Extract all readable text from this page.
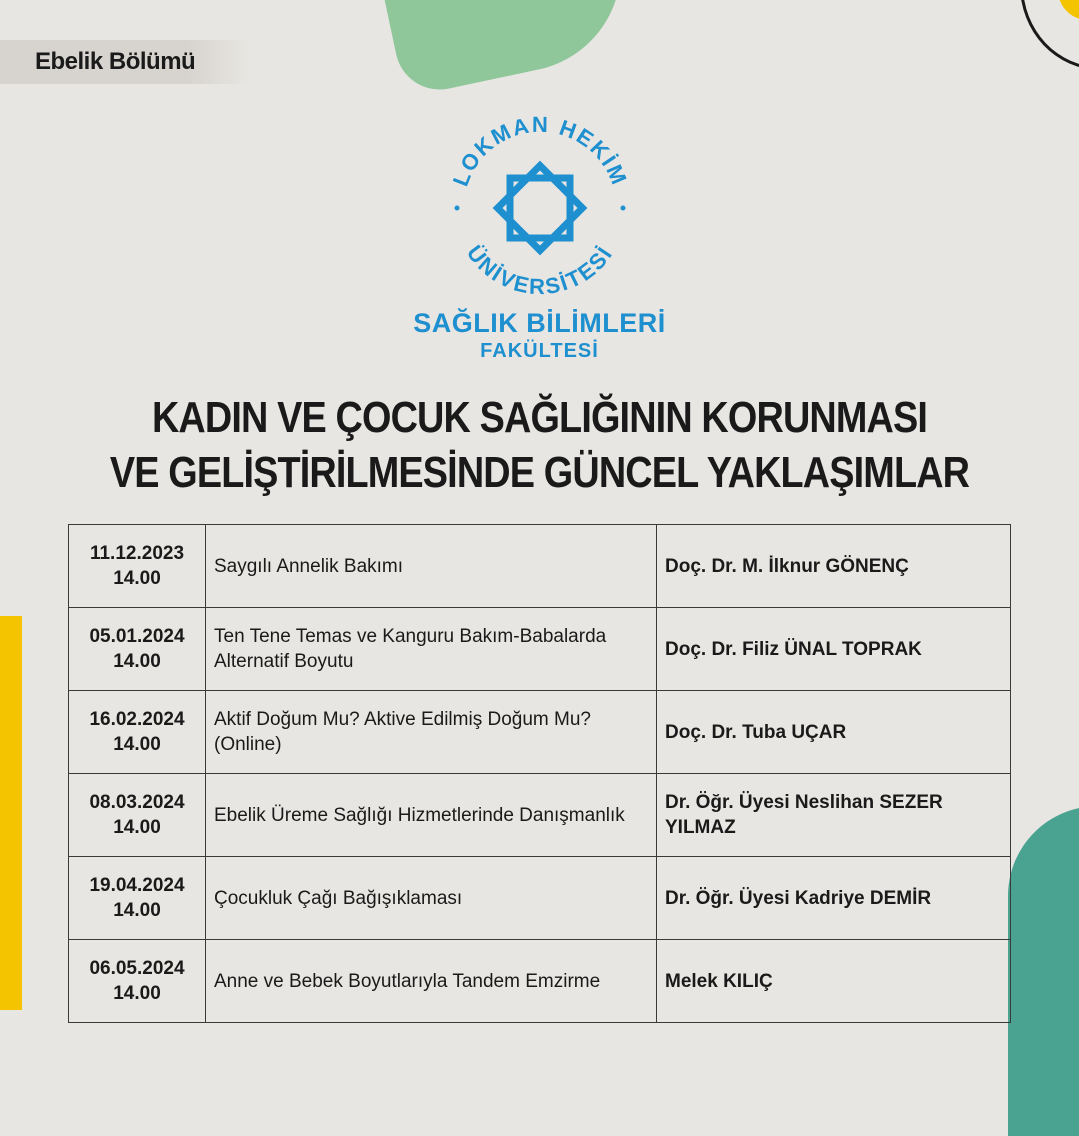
Ebelik Bölümü
LOKMAN HEKİM
ÜNİVERSİTESİ
SAĞLIK BİLİMLERİ
FAKÜLTESİ
KADIN VE ÇOCUK SAĞLIĞININ KORUNMASI
VE GELİŞTİRİLMESİNDE GÜNCEL YAKLAŞIMLAR
11.12.2023
14.00	Saygılı Annelik Bakımı	Doç. Dr. M. İlknur GÖNENÇ

05.01.2024
14.00	Ten Tene Temas ve Kanguru Bakım-Babalarda Alternatif Boyutu	Doç. Dr. Filiz ÜNAL TOPRAK

16.02.2024
14.00	Aktif Doğum Mu? Aktive Edilmiş Doğum Mu? (Online)	Doç. Dr. Tuba UÇAR

08.03.2024
14.00	Ebelik Üreme Sağlığı Hizmetlerinde Danışmanlık	Dr. Öğr. Üyesi Neslihan SEZER YILMAZ

19.04.2024
14.00	Çocukluk Çağı Bağışıklaması	Dr. Öğr. Üyesi Kadriye DEMİR

06.05.2024
14.00	Anne ve Bebek Boyutlarıyla Tandem Emzirme	Melek KILIÇ
